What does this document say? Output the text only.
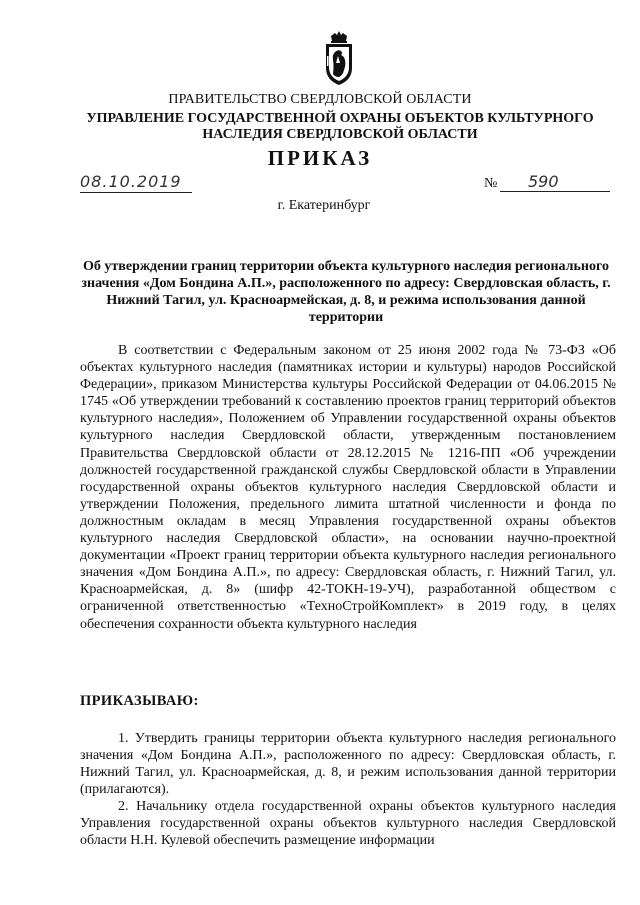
ПРАВИТЕЛЬСТВО СВЕРДЛОВСКОЙ ОБЛАСТИ
УПРАВЛЕНИЕ ГОСУДАРСТВЕННОЙ ОХРАНЫ ОБЪЕКТОВ КУЛЬТУРНОГО НАСЛЕДИЯ СВЕРДЛОВСКОЙ ОБЛАСТИ
ПРИКАЗ
08.10.2019	№	590
г. Екатеринбург
Об утверждении границ территории объекта культурного наследия регионального значения «Дом Бондина А.П.», расположенного по адресу: Свердловская область, г. Нижний Тагил, ул. Красноармейская, д. 8, и режима использования данной территории

В соответствии с Федеральным законом от 25 июня 2002 года № 73-ФЗ «Об объектах культурного наследия (памятниках истории и культуры) народов Российской Федерации», приказом Министерства культуры Российской Федерации от 04.06.2015 № 1745 «Об утверждении требований к составлению проектов границ территорий объектов культурного наследия», Положением об Управлении государственной охраны объектов культурного наследия Свердловской области, утвержденным постановлением Правительства Свердловской области от 28.12.2015 № 1216-ПП «Об учреждении должностей государственной гражданской службы Свердловской области в Управлении государственной охраны объектов культурного наследия Свердловской области и утверждении Положения, предельного лимита штатной численности и фонда по должностным окладам в месяц Управления государственной охраны объектов культурного наследия Свердловской области», на основании научно-проектной документации «Проект границ территории объекта культурного наследия регионального значения «Дом Бондина А.П.», по адресу: Свердловская область, г. Нижний Тагил, ул. Красноармейская, д. 8» (шифр 42-ТОКН-19-УЧ), разработанной обществом с ограниченной ответственностью «ТехноСтройКомплект» в 2019 году, в целях обеспечения сохранности объекта культурного наследия

ПРИКАЗЫВАЮ:

1. Утвердить границы территории объекта культурного наследия регионального значения «Дом Бондина А.П.», расположенного по адресу: Свердловская область, г. Нижний Тагил, ул. Красноармейская, д. 8, и режим использования данной территории (прилагаются).

2. Начальнику отдела государственной охраны объектов культурного наследия Управления государственной охраны объектов культурного наследия Свердловской области Н.Н. Кулевой обеспечить размещение информации
